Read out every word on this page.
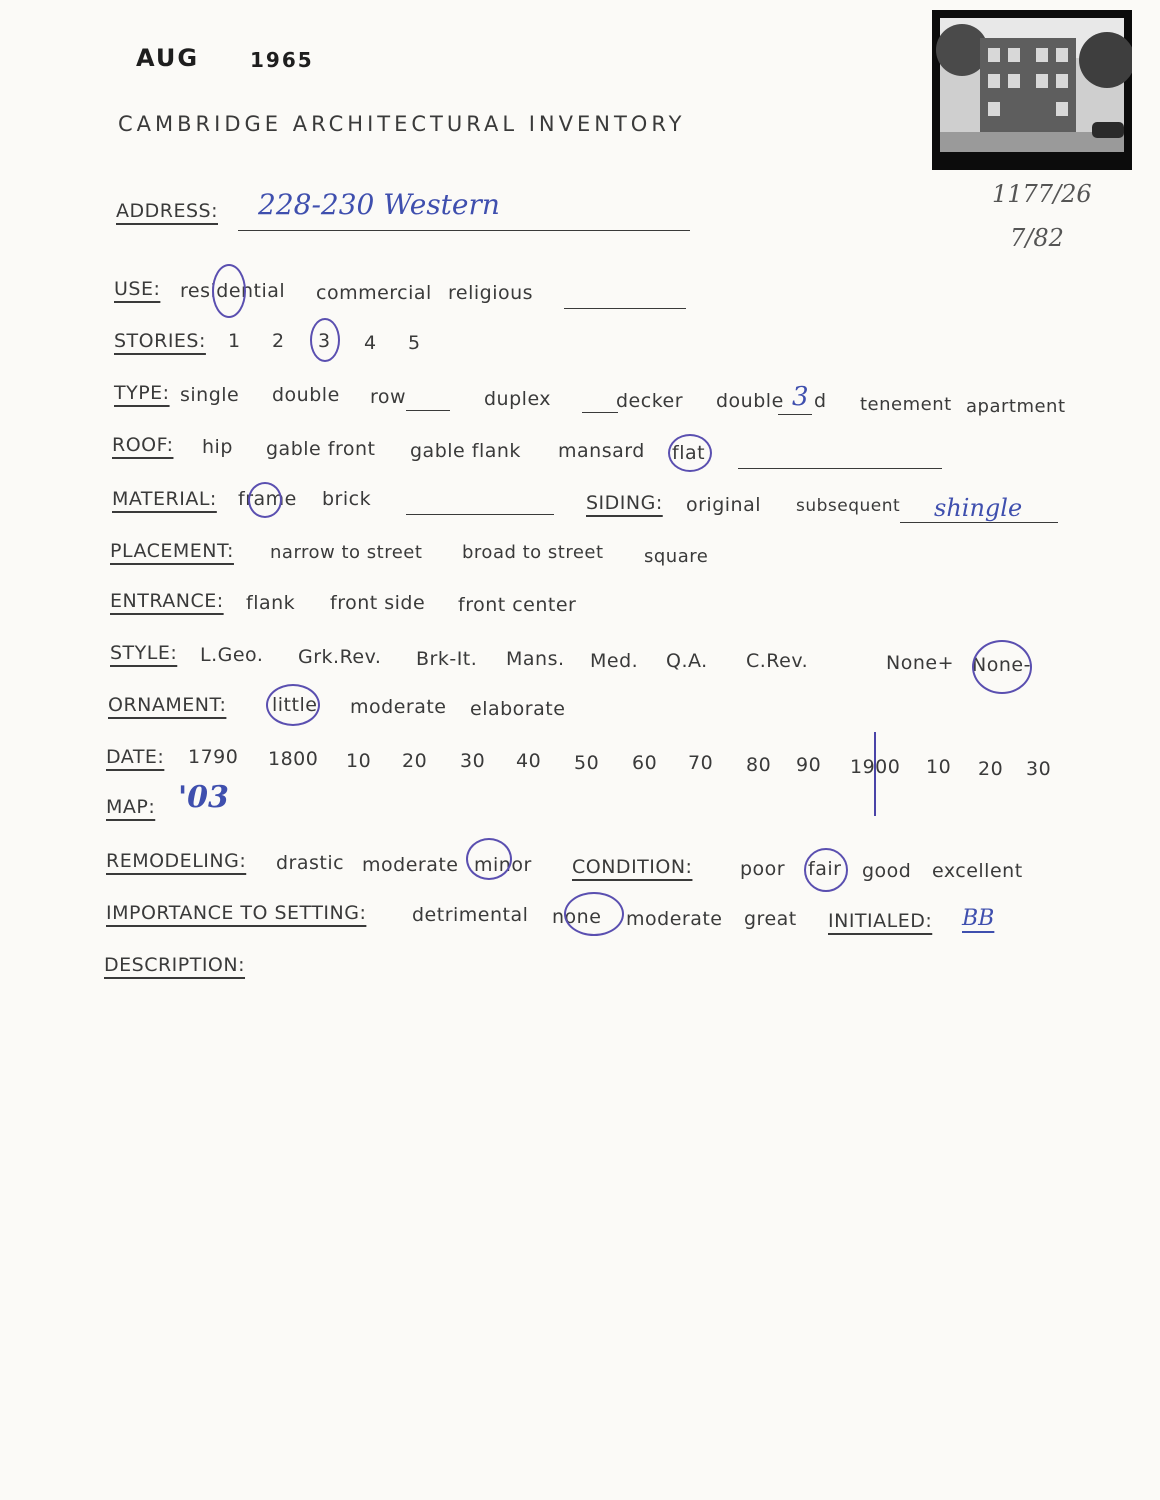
AUG	1965
CAMBRIDGE ARCHITECTURAL INVENTORY
1177/26
7/82
ADDRESS: 228-230 Western
USE: residential commercial religious
STORIES: 1 2 3 4 5
TYPE: single double row	duplex	decker double 3 d tenement apartment
ROOF: hip gable front gable flank mansard flat
MATERIAL: frame brick	SIDING: original subsequent shingle
PLACEMENT: narrow to street broad to street square
ENTRANCE: flank front side front center
STYLE: L.Geo. Grk.Rev. Brk-It. Mans. Med. Q.A. C.Rev.	None+ None-
ORNAMENT: little moderate elaborate
DATE: 1790 1800 10 20 30 40 50 60 70 80 90 1900 10 20 30
MAP: '03
REMODELING: drastic moderate minor CONDITION:	poor fair good excellent
IMPORTANCE TO SETTING: detrimental none moderate great INITIALED: BB
DESCRIPTION:
